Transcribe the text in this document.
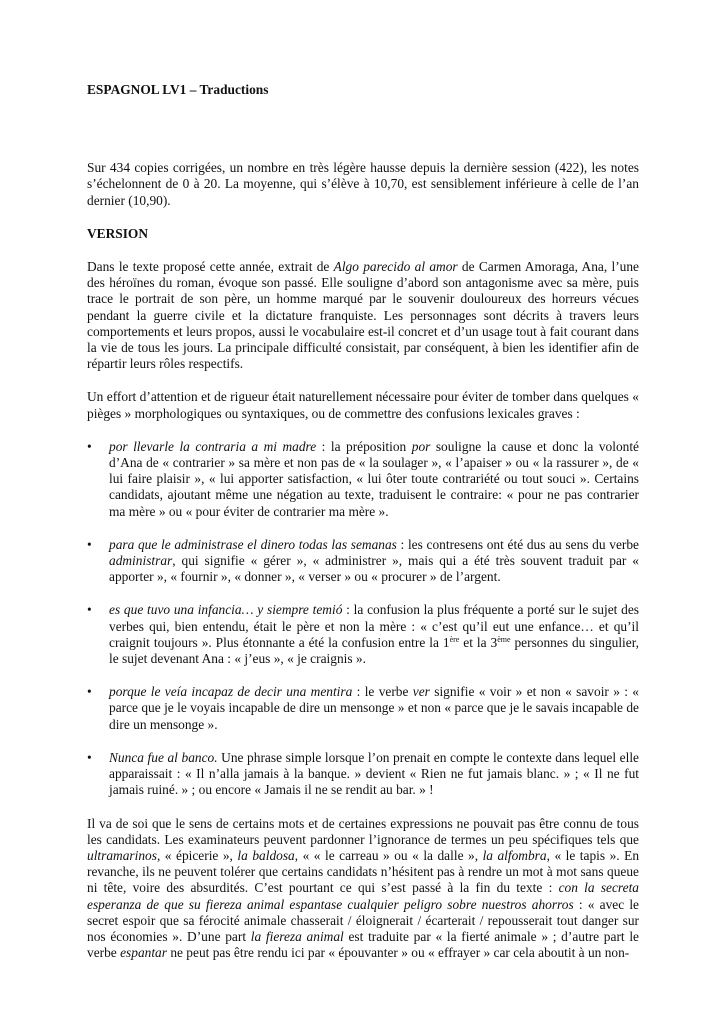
ESPAGNOL LV1 – Traductions

Sur 434 copies corrigées, un nombre en très légère hausse depuis la dernière session (422), les notes s’échelonnent de 0 à 20. La moyenne, qui s’élève à 10,70, est sensiblement inférieure à celle de l’an dernier (10,90).

VERSION

Dans le texte proposé cette année, extrait de Algo parecido al amor de Carmen Amoraga, Ana, l’une des héroïnes du roman, évoque son passé. Elle souligne d’abord son antagonisme avec sa mère, puis trace le portrait de son père, un homme marqué par le souvenir douloureux des horreurs vécues pendant la guerre civile et la dictature franquiste. Les personnages sont décrits à travers leurs comportements et leurs propos, aussi le vocabulaire est-il concret et d’un usage tout à fait courant dans la vie de tous les jours. La principale difficulté consistait, par conséquent, à bien les identifier afin de répartir leurs rôles respectifs.

Un effort d’attention et de rigueur était naturellement nécessaire pour éviter de tomber dans quelques « pièges » morphologiques ou syntaxiques, ou de commettre des confusions lexicales graves :

• por llevarle la contraria a mi madre : la préposition por souligne la cause et donc la volonté d’Ana de « contrarier » sa mère et non pas de « la soulager », « l’apaiser » ou « la rassurer », de « lui faire plaisir », « lui apporter satisfaction, « lui ôter toute contrariété ou tout souci ». Certains candidats, ajoutant même une négation au texte, traduisent le contraire: « pour ne pas contrarier ma mère » ou « pour éviter de contrarier ma mère ».
• para que le administrase el dinero todas las semanas : les contresens ont été dus au sens du verbe administrar, qui signifie « gérer », « administrer », mais qui a été très souvent traduit par « apporter », « fournir », « donner », « verser » ou « procurer » de l’argent.
• es que tuvo una infancia… y siempre temió : la confusion la plus fréquente a porté sur le sujet des verbes qui, bien entendu, était le père et non la mère : « c’est qu’il eut une enfance… et qu’il craignit toujours ». Plus étonnante a été la confusion entre la 1ère et la 3ème personnes du singulier, le sujet devenant Ana : « j’eus », « je craignis ».
• porque le veía incapaz de decir una mentira : le verbe ver signifie « voir » et non « savoir » : « parce que je le voyais incapable de dire un mensonge » et non « parce que je le savais incapable de dire un mensonge ».
• Nunca fue al banco. Une phrase simple lorsque l’on prenait en compte le contexte dans lequel elle apparaissait : « Il n’alla jamais à la banque. » devient « Rien ne fut jamais blanc. » ; « Il ne fut jamais ruiné. » ; ou encore « Jamais il ne se rendit au bar. » !

Il va de soi que le sens de certains mots et de certaines expressions ne pouvait pas être connu de tous les candidats. Les examinateurs peuvent pardonner l’ignorance de termes un peu spécifiques tels que ultramarinos, « épicerie », la baldosa, « « le carreau » ou « la dalle », la alfombra, « le tapis ». En revanche, ils ne peuvent tolérer que certains candidats n’hésitent pas à rendre un mot à mot sans queue ni tête, voire des absurdités. C’est pourtant ce qui s’est passé à la fin du texte : con la secreta esperanza de que su fiereza animal espantase cualquier peligro sobre nuestros ahorros : « avec le secret espoir que sa férocité animale chasserait / éloignerait / écarterait / repousserait tout danger sur nos économies ». D’une part la fiereza animal est traduite par « la fierté animale » ; d’autre part le verbe espantar ne peut pas être rendu ici par « épouvanter » ou « effrayer » car cela aboutit à un non-
